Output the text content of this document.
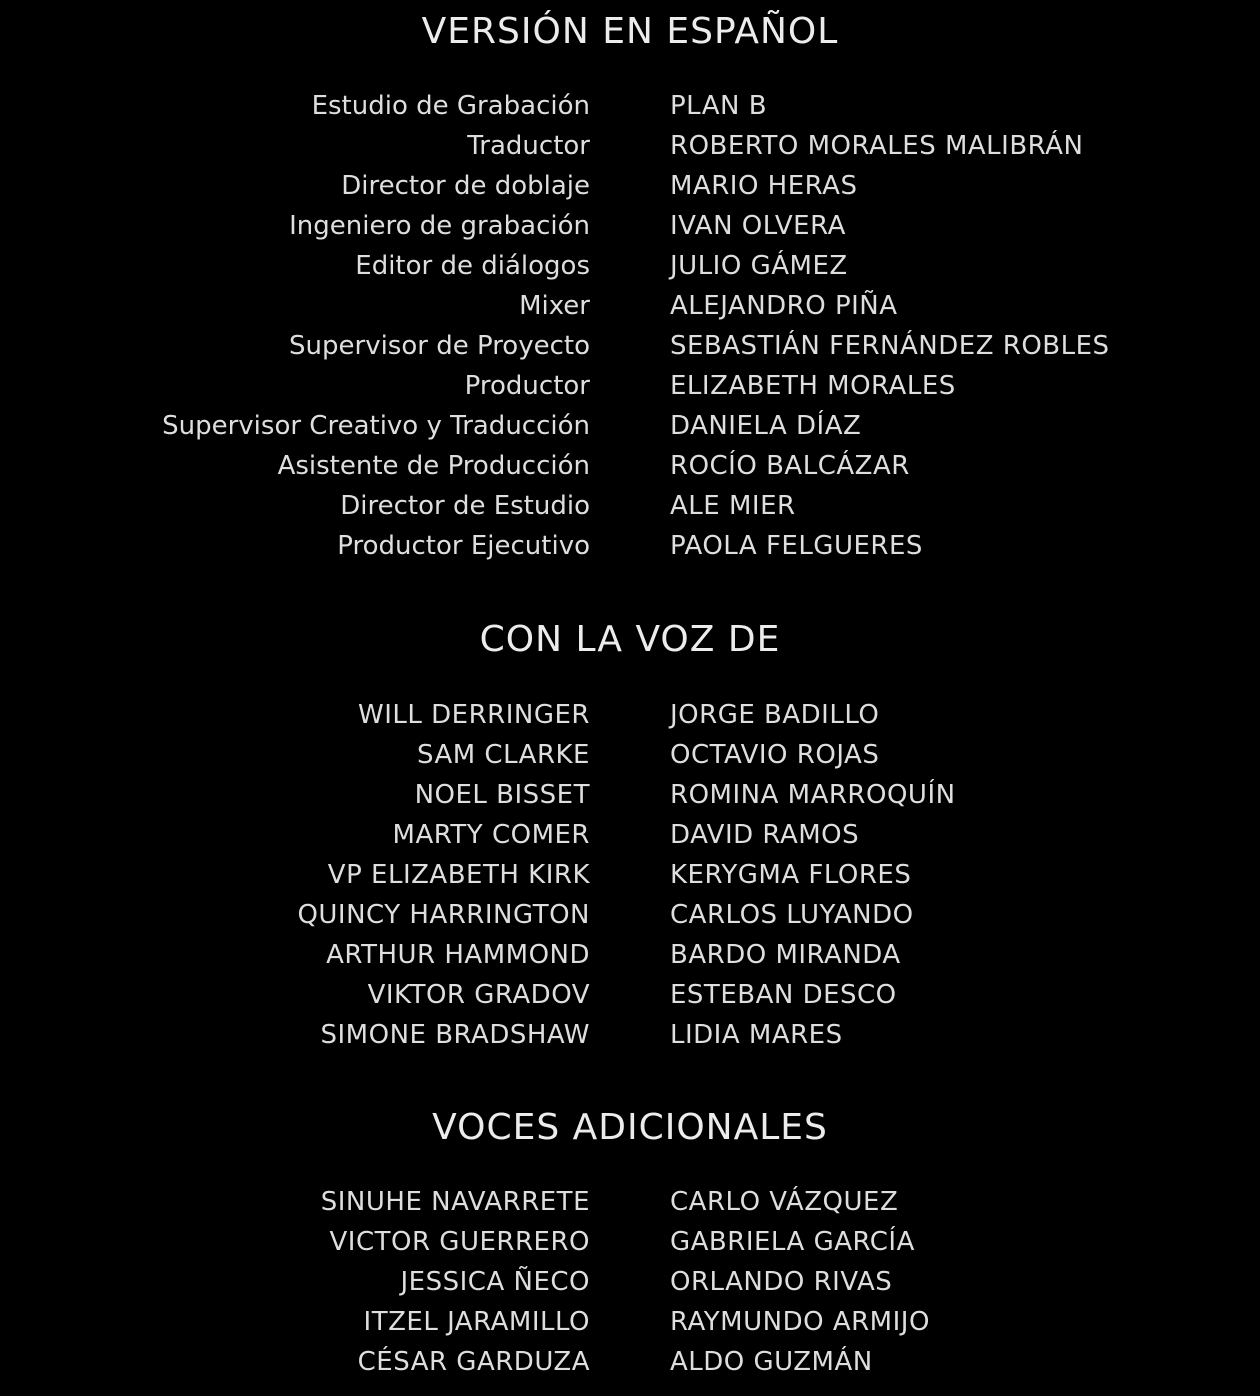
VERSIÓN EN ESPAÑOL
Estudio de Grabación	PLAN B
Traductor	ROBERTO MORALES MALIBRÁN
Director de doblaje	MARIO HERAS
Ingeniero de grabación	IVAN OLVERA
Editor de diálogos	JULIO GÁMEZ
Mixer	ALEJANDRO PIÑA
Supervisor de Proyecto	SEBASTIÁN FERNÁNDEZ ROBLES
Productor	ELIZABETH MORALES
Supervisor Creativo y Traducción	DANIELA DÍAZ
Asistente de Producción	ROCÍO BALCÁZAR
Director de Estudio	ALE MIER
Productor Ejecutivo	PAOLA FELGUERES
CON LA VOZ DE
WILL DERRINGER	JORGE BADILLO
SAM CLARKE	OCTAVIO ROJAS
NOEL BISSET	ROMINA MARROQUÍN
MARTY COMER	DAVID RAMOS
VP ELIZABETH KIRK	KERYGMA FLORES
QUINCY HARRINGTON	CARLOS LUYANDO
ARTHUR HAMMOND	BARDO MIRANDA
VIKTOR GRADOV	ESTEBAN DESCO
SIMONE BRADSHAW	LIDIA MARES
VOCES ADICIONALES
SINUHE NAVARRETE	CARLO VÁZQUEZ
VICTOR GUERRERO	GABRIELA GARCÍA
JESSICA ÑECO	ORLANDO RIVAS
ITZEL JARAMILLO	RAYMUNDO ARMIJO
CÉSAR GARDUZA	ALDO GUZMÁN
